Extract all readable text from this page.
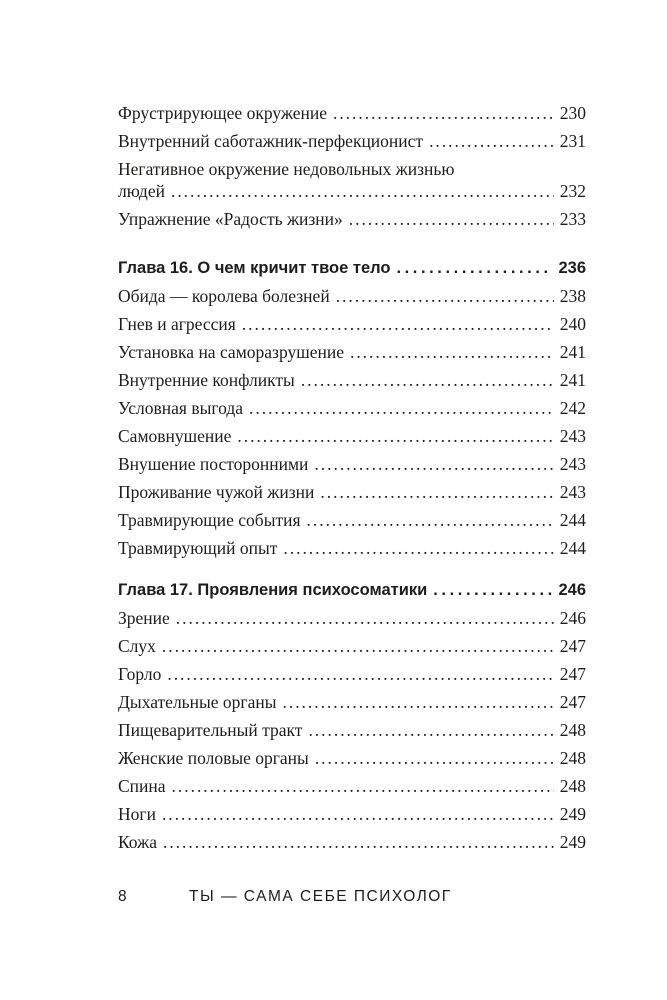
Фрустрирующее окружение . . .	230
Внутренний саботажник-перфекционист . . .	231
Негативное окружение недовольных жизнью
людей . . .	232
Упражнение «Радость жизни» . . .	233
Глава 16. О чем кричит твое тело . . .	236
Обида — королева болезней . . .	238
Гнев и агрессия . . .	240
Установка на саморазрушение . . .	241
Внутренние конфликты . . .	241
Условная выгода . . .	242
Самовнушение . . .	243
Внушение посторонними . . .	243
Проживание чужой жизни . . .	243
Травмирующие события . . .	244
Травмирующий опыт . . .	244
Глава 17. Проявления психосоматики . . .	246
Зрение . . .	246
Слух . . .	247
Горло . . .	247
Дыхательные органы . . .	247
Пищеварительный тракт . . .	248
Женские половые органы . . .	248
Спина . . .	248
Ноги . . .	249
Кожа . . .	249
8	ТЫ — САМА СЕБЕ ПСИХОЛОГ
